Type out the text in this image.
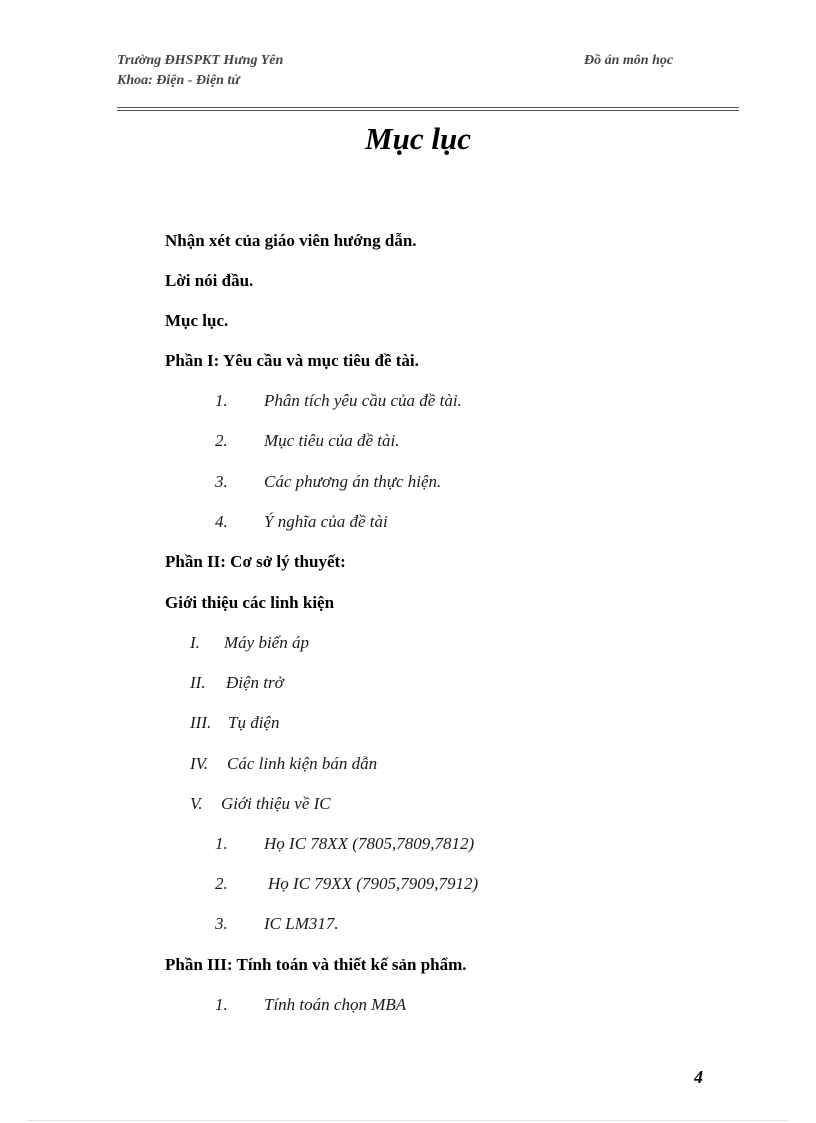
Trường ĐHSPKT Hưng Yên
Khoa: Điện - Điện tử
Đồ án môn học
Mục lục
Nhận xét của giáo viên hướng dẫn.
Lời nói đầu.
Mục lục.
Phần I: Yêu cầu và mục tiêu đề tài.
1. Phân tích yêu cầu của đề tài.
2. Mục tiêu của đề tài.
3. Các phương án thực hiện.
4. Ý nghĩa của đề tài
Phần II: Cơ sở lý thuyết:
Giới thiệu các linh kiện
I. Máy biến áp
II. Điện trở
III. Tụ điện
IV. Các linh kiện bán dẫn
V. Giới thiệu về IC
1. Họ IC 78XX (7805,7809,7812)
2. Họ IC 79XX (7905,7909,7912)
3. IC LM317.
Phần III: Tính toán và thiết kế sản phẩm.
1. Tính toán chọn MBA
4
